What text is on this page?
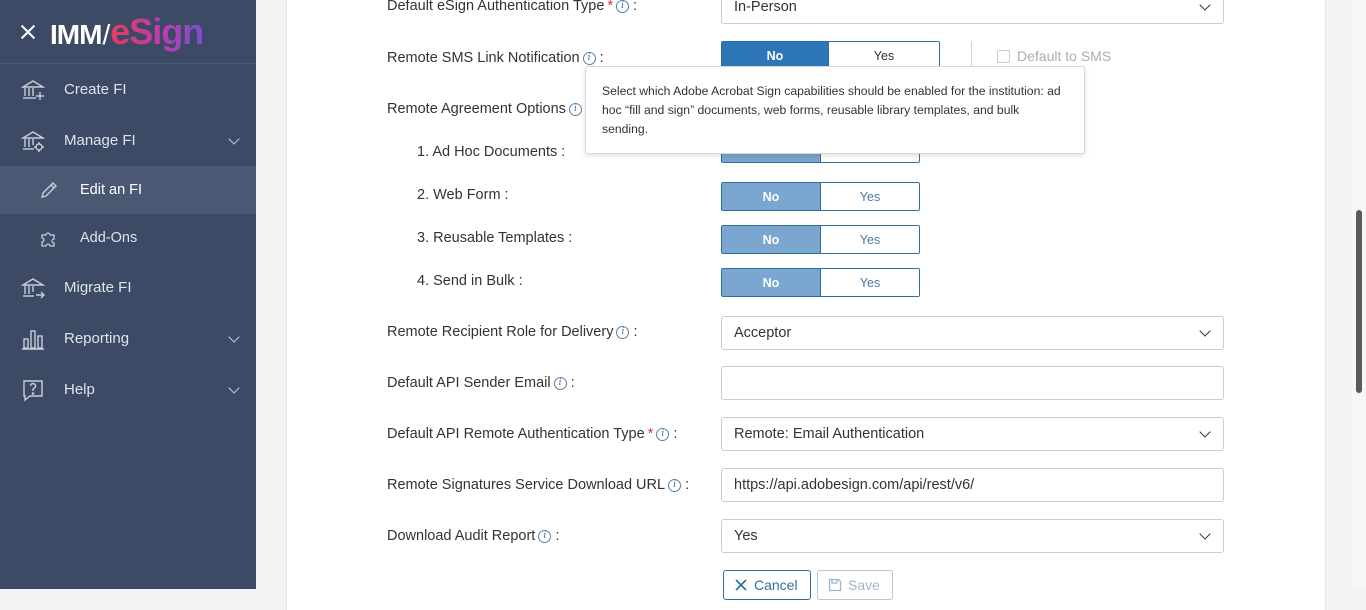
IMM / eSign
Create FI
Manage FI
Edit an FI
Add-Ons
Migrate FI
Reporting
Help
Default eSign Authentication Type * i :	In-Person
Remote SMS Link Notification i :	No	Yes	Default to SMS
Remote Agreement Options i
1. Ad Hoc Documents :
2. Web Form :	No	Yes
3. Reusable Templates :	No	Yes
4. Send in Bulk :	No	Yes
Remote Recipient Role for Delivery i :	Acceptor
Default API Sender Email i :
Default API Remote Authentication Type * i :	Remote: Email Authentication
Remote Signatures Service Download URL i :	https://api.adobesign.com/api/rest/v6/
Download Audit Report i :	Yes
Cancel	Save
Select which Adobe Acrobat Sign capabilities should be enabled for the institution: ad hoc “fill and sign” documents, web forms, reusable library templates, and bulk sending.
